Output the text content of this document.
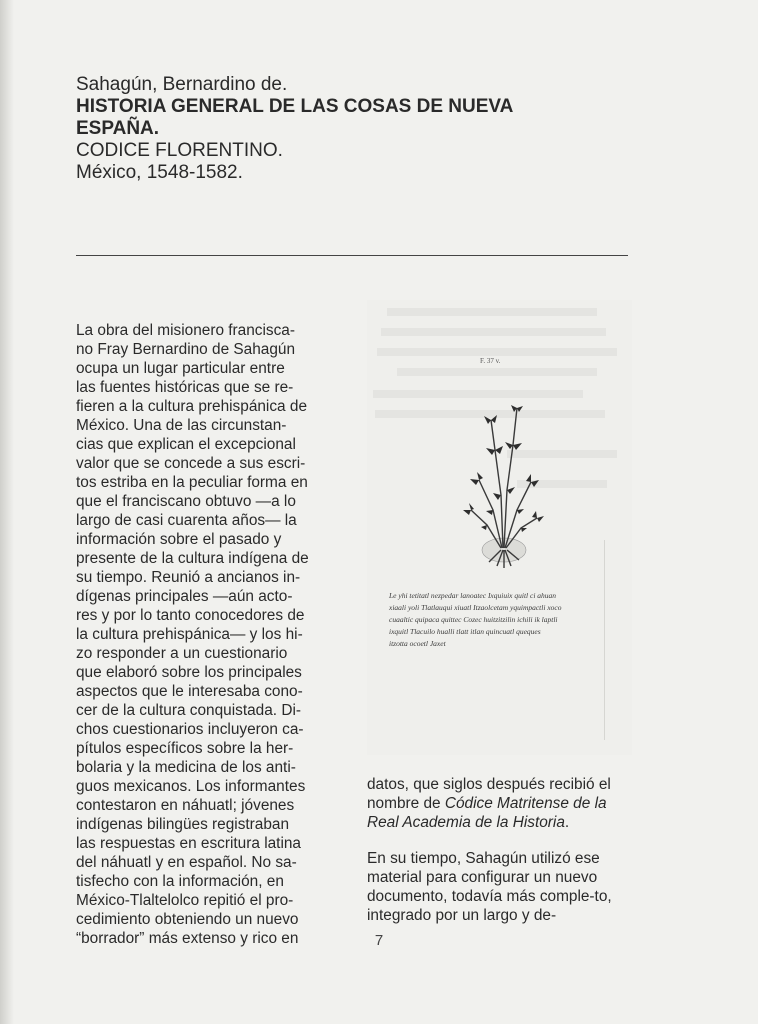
Sahagún, Bernardino de.
HISTORIA GENERAL DE LAS COSAS DE NUEVA
ESPAÑA.
CODICE FLORENTINO.
México, 1548-1582.
La obra del misionero francisca-
no Fray Bernardino de Sahagún
ocupa un lugar particular entre
las fuentes históricas que se re-
fieren a la cultura prehispánica de
México. Una de las circunstan-
cias que explican el excepcional
valor que se concede a sus escri-
tos estriba en la peculiar forma en
que el franciscano obtuvo —a lo
largo de casi cuarenta años— la
información sobre el pasado y
presente de la cultura indígena de
su tiempo. Reunió a ancianos in-
dígenas principales —aún acto-
res y por lo tanto conocedores de
la cultura prehispánica— y los hi-
zo responder a un cuestionario
que elaboró sobre los principales
aspectos que le interesaba cono-
cer de la cultura conquistada. Di-
chos cuestionarios incluyeron ca-
pítulos específicos sobre la her-
bolaria y la medicina de los anti-
guos mexicanos. Los informantes
contestaron en náhuatl; jóvenes
indígenas bilingües registraban
las respuestas en escritura latina
del náhuatl y en español. No sa-
tisfecho con la información, en
México-Tlaltelolco repitió el pro-
cedimiento obteniendo un nuevo
“borrador” más extenso y rico en
F. 37 v.
Le yhi tetitatl nezpedar lanoatec Ixquiuix quitl ci ahuan
xiaali yoli Tlatlauqui xiuatl Itzaolcetam yquimpactli xoco
cuaaltic quipaca quittec Cozec huitzitzilin ichili ik laptli
ixquitl Tlacuilo hualli tlatt itlan quincuatl queques
itzotta ocoetl Jaxet

datos, que siglos después recibió el nombre de Códice Matritense de la Real Academia de la Historia.

En su tiempo, Sahagún utilizó ese material para configurar un nuevo documento, todavía más comple-to, integrado por un largo y de-

7
